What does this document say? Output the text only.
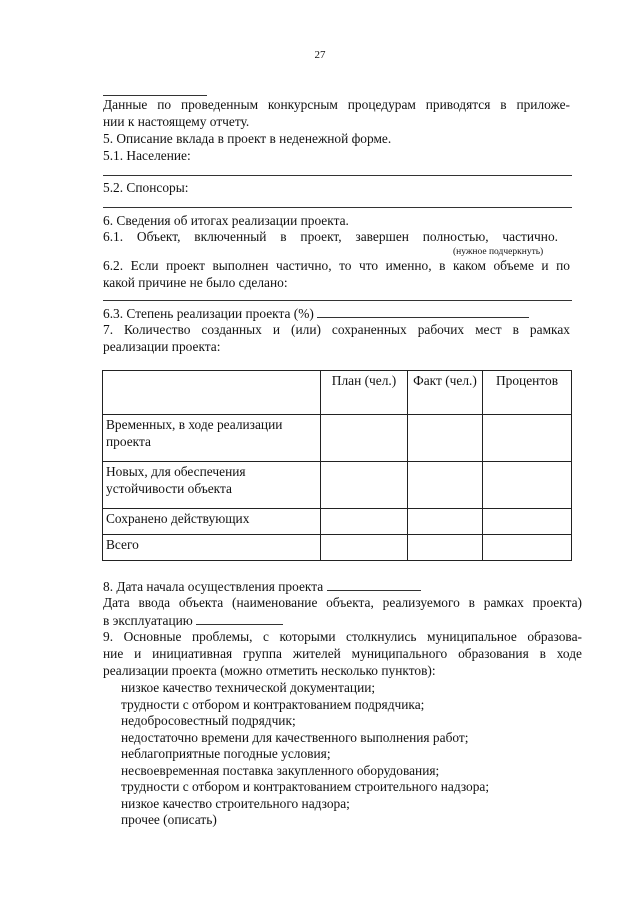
27
Данные по проведенным конкурсным процедурам приводятся в приложе-
нии к настоящему отчету.
5. Описание вклада в проект в неденежной форме.
5.1. Население:
5.2. Спонсоры:
6. Сведения об итогах реализации проекта.
6.1. Объект, включенный в проект, завершен полностью, частично.
(нужное подчеркнуть)
6.2. Если проект выполнен частично, то что именно, в каком объеме и по
какой причине не было сделано:
6.3. Степень реализации проекта (%)
7. Количество созданных и (или) сохраненных рабочих мест в рамках
реализации проекта:
	План (чел.)	Факт (чел.)	Процентов
Временных, в ходе реализации проекта			
Новых, для обеспечения устойчивости объекта			
Сохранено действующих			
Всего			
8. Дата начала осуществления проекта
Дата ввода объекта (наименование объекта, реализуемого в рамках проекта)
в эксплуатацию
9. Основные проблемы, с которыми столкнулись муниципальное образова-
ние и инициативная группа жителей муниципального образования в ходе
реализации проекта (можно отметить несколько пунктов):
низкое качество технической документации;
трудности с отбором и контрактованием подрядчика;
недобросовестный подрядчик;
недостаточно времени для качественного выполнения работ;
неблагоприятные погодные условия;
несвоевременная поставка закупленного оборудования;
трудности с отбором и контрактованием строительного надзора;
низкое качество строительного надзора;
прочее (описать)
